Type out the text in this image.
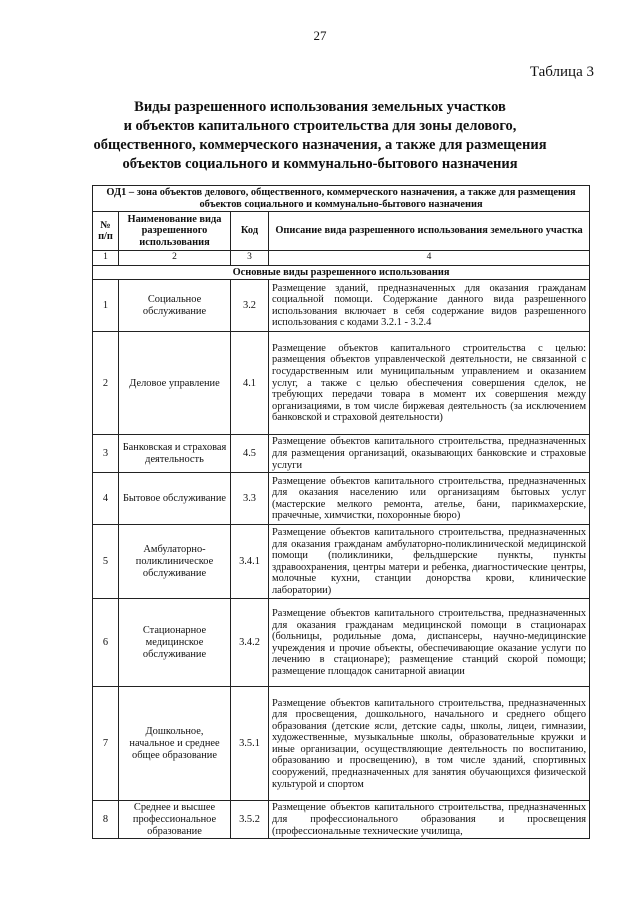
27
Таблица 3
Виды разрешенного использования земельных участков
и объектов капитального строительства для зоны делового,
общественного, коммерческого назначения, а также для размещения
объектов социального и коммунально-бытового назначения
ОД1 – зона объектов делового, общественного, коммерческого назначения, а также для размещения объектов социального и коммунально-бытового назначения			
№ п/п	Наименование вида разрешенного использования	Код	Описание вида разрешенного использования земельного участка
1	2	3	4
Основные виды разрешенного использования			
1	Социальное обслуживание	3.2	Размещение зданий, предназначенных для оказания гражданам социальной помощи. Содержание данного вида разрешенного использования включает в себя содержание видов разрешенного использования с кодами 3.2.1 - 3.2.4
2	Деловое управление	4.1	Размещение объектов капитального строительства с целью: размещения объектов управленческой деятельности, не связанной с государственным или муниципальным управлением и оказанием услуг, а также с целью обеспечения совершения сделок, не требующих передачи товара в момент их совершения между организациями, в том числе биржевая деятельность (за исключением банковской и страховой деятельности)
3	Банковская и страховая деятельность	4.5	Размещение объектов капитального строительства, предназначенных для размещения организаций, оказывающих банковские и страховые услуги
4	Бытовое обслуживание	3.3	Размещение объектов капитального строительства, предназначенных для оказания населению или организациям бытовых услуг (мастерские мелкого ремонта, ателье, бани, парикмахерские, прачечные, химчистки, похоронные бюро)
5	Амбулаторно-поликлиническое обслуживание	3.4.1	Размещение объектов капитального строительства, предназначенных для оказания гражданам амбулаторно-поликлинической медицинской помощи (поликлиники, фельдшерские пункты, пункты здравоохранения, центры матери и ребенка, диагностические центры, молочные кухни, станции донорства крови, клинические лаборатории)
6	Стационарное медицинское обслуживание	3.4.2	Размещение объектов капитального строительства, предназначенных для оказания гражданам медицинской помощи в стационарах (больницы, родильные дома, диспансеры, научно-медицинские учреждения и прочие объекты, обеспечивающие оказание услуги по лечению в стационаре); размещение станций скорой помощи; размещение площадок санитарной авиации
7	Дошкольное, начальное и среднее общее образование	3.5.1	Размещение объектов капитального строительства, предназначенных для просвещения, дошкольного, начального и среднего общего образования (детские ясли, детские сады, школы, лицеи, гимназии, художественные, музыкальные школы, образовательные кружки и иные организации, осуществляющие деятельность по воспитанию, образованию и просвещению), в том числе зданий, спортивных сооружений, предназначенных для занятия обучающихся физической культурой и спортом
8	Среднее и высшее профессиональное образование	3.5.2	Размещение объектов капитального строительства, предназначенных для профессионального образования и просвещения (профессиональные технические училища,
